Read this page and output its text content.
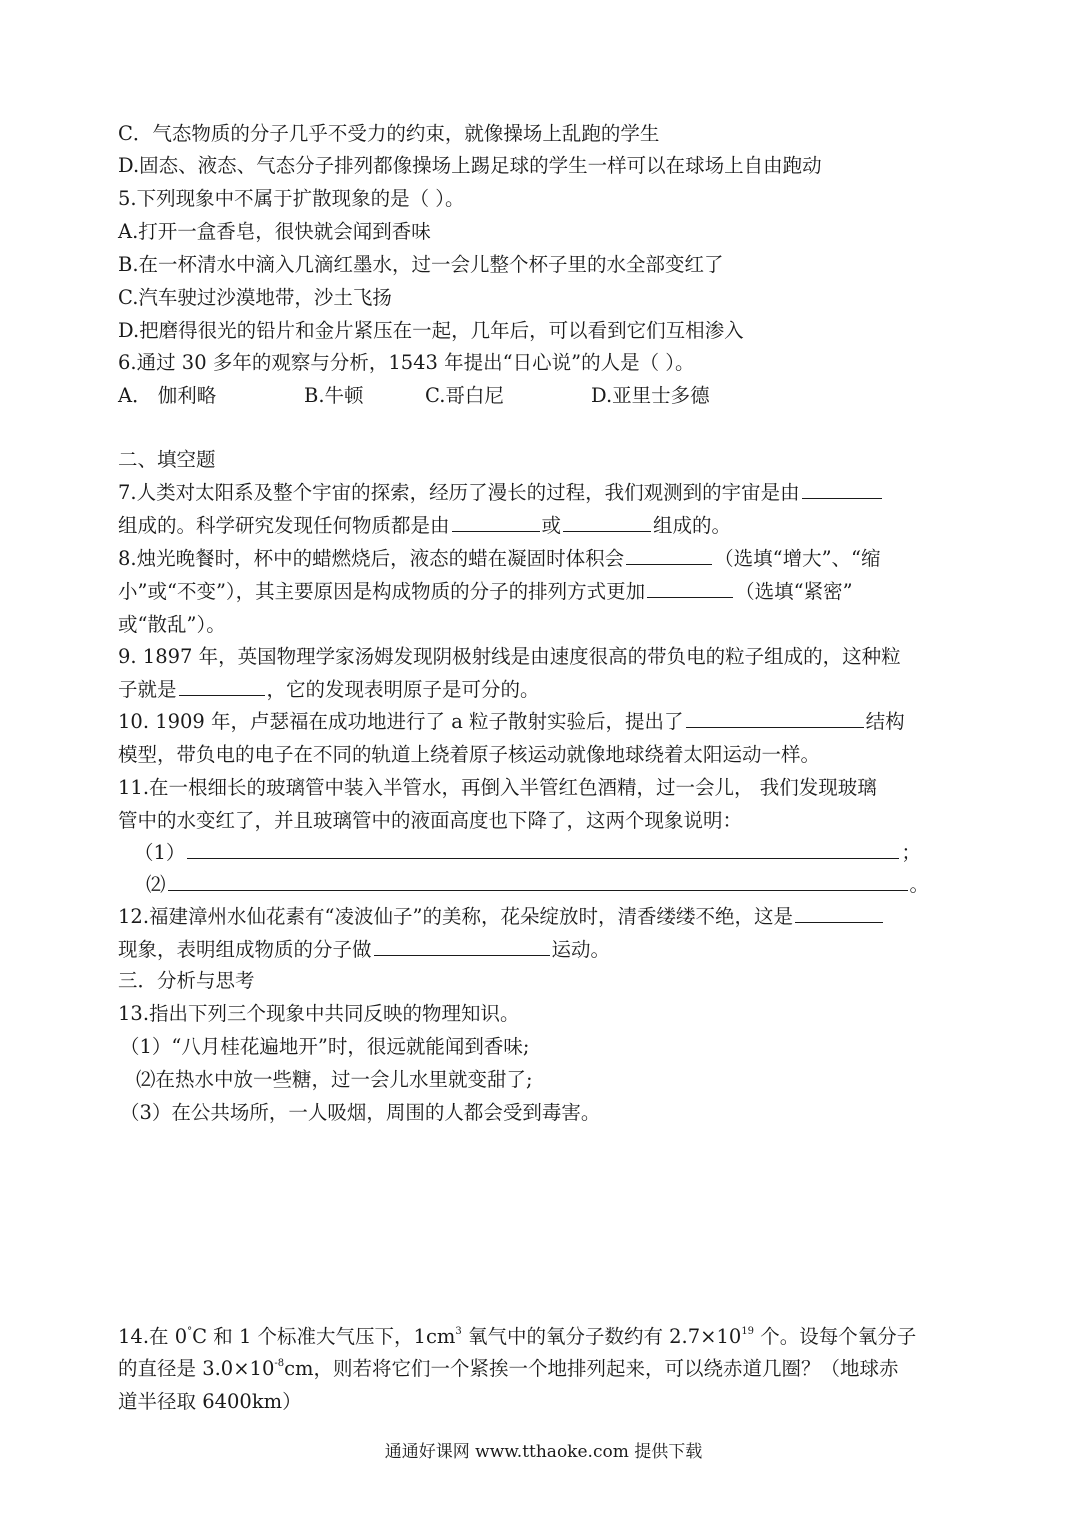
C．气态物质的分子几乎不受力的约束，就像操场上乱跑的学生
D.固态、液态、气态分子排列都像操场上踢足球的学生一样可以在球场上自由跑动
5.下列现象中不属于扩散现象的是（ ）。
A.打开一盒香皂，很快就会闻到香味
B.在一杯清水中滴入几滴红墨水，过一会儿整个杯子里的水全部变红了
C.汽车驶过沙漠地带，沙土飞扬
D.把磨得很光的铅片和金片紧压在一起，几年后，可以看到它们互相渗入
6.通过 30 多年的观察与分析，1543 年提出“日心说”的人是（ ）。
A． 伽利略	B.牛顿	C.哥白尼	D.亚里士多德
二、填空题
7.人类对太阳系及整个宇宙的探索，经历了漫长的过程，我们观测到的宇宙是由
组成的。科学研究发现任何物质都是由	或	组成的。
8.烛光晚餐时，杯中的蜡燃烧后，液态的蜡在凝固时体积会	（选填“增大”、“缩
小”或“不变”），其主要原因是构成物质的分子的排列方式更加	（选填“紧密”
或“散乱”）。
9. 1897 年，英国物理学家汤姆发现阴极射线是由速度很高的带负电的粒子组成的，这种粒
子就是	，它的发现表明原子是可分的。
10. 1909 年，卢瑟福在成功地进行了 a 粒子散射实验后，提出了	结构
模型，带负电的电子在不同的轨道上绕着原子核运动就像地球绕着太阳运动一样。
11.在一根细长的玻璃管中装入半管水，再倒入半管红色酒精，过一会儿， 我们发现玻璃
管中的水变红了，并且玻璃管中的液面高度也下降了，这两个现象说明：
（1）	；
⑵	。
12.福建漳州水仙花素有“凌波仙子”的美称，花朵绽放时，清香缕缕不绝，这是
现象，表明组成物质的分子做	运动。
三．分析与思考
13.指出下列三个现象中共同反映的物理知识。
（1）“八月桂花遍地开”时，很远就能闻到香味;
⑵在热水中放一些糖，过一会儿水里就变甜了;
（3）在公共场所，一人吸烟，周围的人都会受到毒害。
14.在 0°C 和 1 个标准大气压下，$1cm^3$ 氧气中的氧分子数约有 $2.7\times 10^{19}$ 个。设每个氧分子
的直径是 $3.0\times 10^{-8}cm$，则若将它们一个紧挨一个地排列起来，可以绕赤道几圈？（地球赤
道半径取 6400km）
通通好课网 www.tthaoke.com 提供下载
